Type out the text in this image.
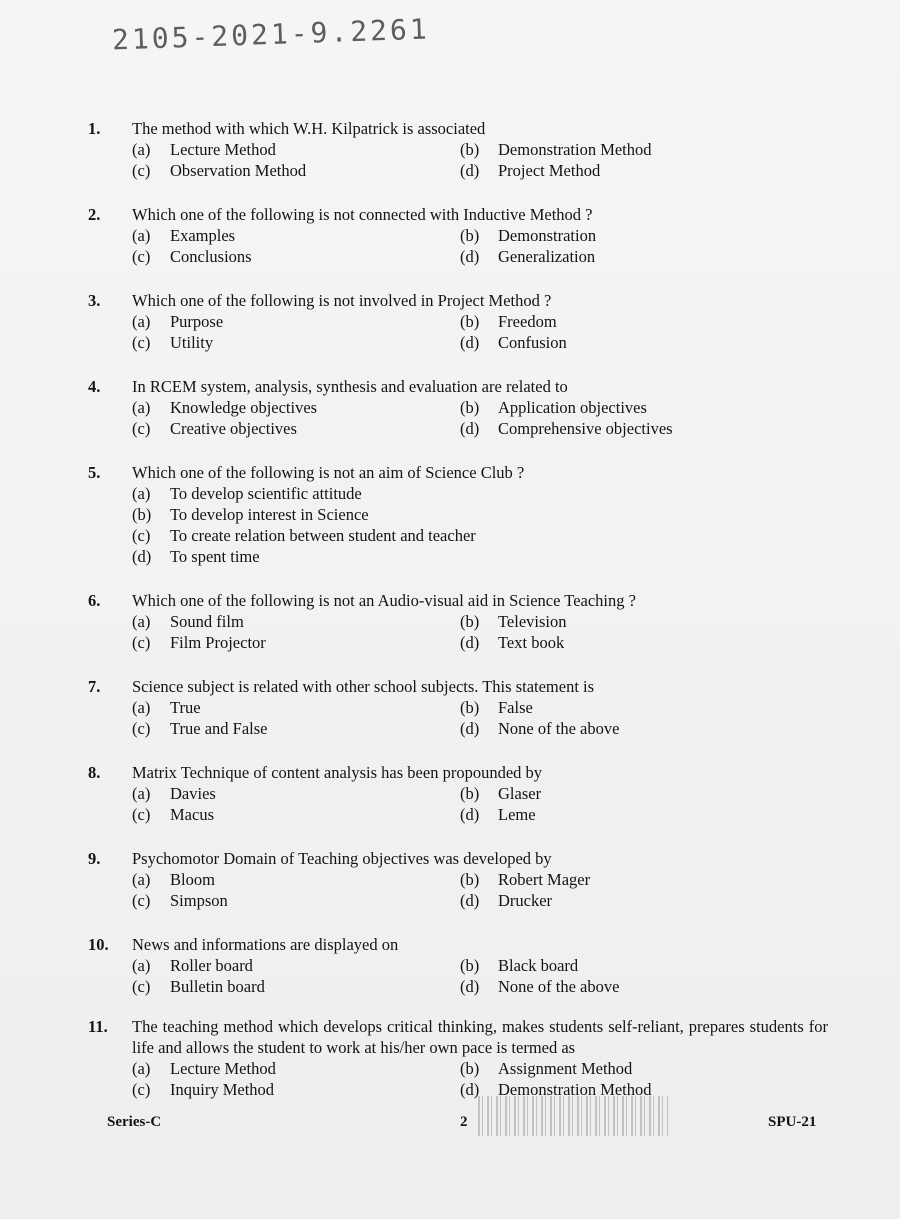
2105-2021-9.2261
1.	The method with which W.H. Kilpatrick is associated
(a)	Lecture Method	(b)	Demonstration Method
(c)	Observation Method	(d)	Project Method
2.	Which one of the following is not connected with Inductive Method ?
(a)	Examples	(b)	Demonstration
(c)	Conclusions	(d)	Generalization
3.	Which one of the following is not involved in Project Method ?
(a)	Purpose	(b)	Freedom
(c)	Utility	(d)	Confusion
4.	In RCEM system, analysis, synthesis and evaluation are related to
(a)	Knowledge objectives	(b)	Application objectives
(c)	Creative objectives	(d)	Comprehensive objectives
5.	Which one of the following is not an aim of Science Club ?
(a)	To develop scientific attitude
(b)	To develop interest in Science
(c)	To create relation between student and teacher
(d)	To spent time
6.	Which one of the following is not an Audio-visual aid in Science Teaching ?
(a)	Sound film	(b)	Television
(c)	Film Projector	(d)	Text book
7.	Science subject is related with other school subjects. This statement is
(a)	True	(b)	False
(c)	True and False	(d)	None of the above
8.	Matrix Technique of content analysis has been propounded by
(a)	Davies	(b)	Glaser
(c)	Macus	(d)	Leme
9.	Psychomotor Domain of Teaching objectives was developed by
(a)	Bloom	(b)	Robert Mager
(c)	Simpson	(d)	Drucker
10.	News and informations are displayed on
(a)	Roller board	(b)	Black board
(c)	Bulletin board	(d)	None of the above
11.	The teaching method which develops critical thinking, makes students self-reliant, prepares students for life and allows the student to work at his/her own pace is termed as
(a)	Lecture Method	(b)	Assignment Method
(c)	Inquiry Method	(d)	Demonstration Method
Series-C	2	SPU-21
